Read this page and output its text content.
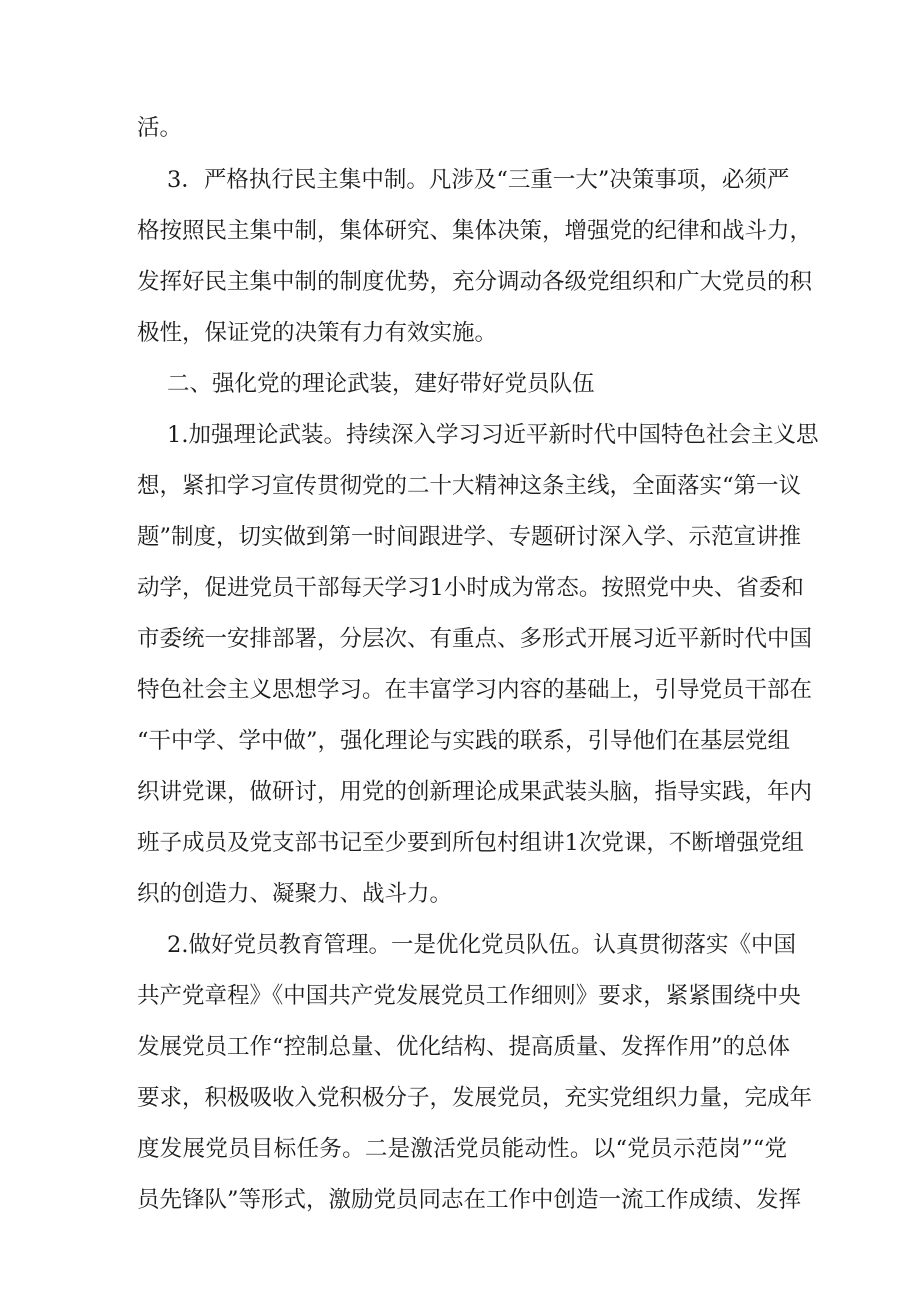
活。
3．严格执行民主集中制。凡涉及“三重一大”决策事项，必须严
格按照民主集中制，集体研究、集体决策，增强党的纪律和战斗力，
发挥好民主集中制的制度优势，充分调动各级党组织和广大党员的积
极性，保证党的决策有力有效实施。
二、强化党的理论武装，建好带好党员队伍
1.加强理论武装。持续深入学习习近平新时代中国特色社会主义思
想，紧扣学习宣传贯彻党的二十大精神这条主线，全面落实“第一议
题”制度，切实做到第一时间跟进学、专题研讨深入学、示范宣讲推
动学，促进党员干部每天学习1小时成为常态。按照党中央、省委和
市委统一安排部署，分层次、有重点、多形式开展习近平新时代中国
特色社会主义思想学习。在丰富学习内容的基础上，引导党员干部在
“干中学、学中做”，强化理论与实践的联系，引导他们在基层党组
织讲党课，做研讨，用党的创新理论成果武装头脑，指导实践，年内
班子成员及党支部书记至少要到所包村组讲1次党课，不断增强党组
织的创造力、凝聚力、战斗力。
2.做好党员教育管理。一是优化党员队伍。认真贯彻落实《中国
共产党章程》《中国共产党发展党员工作细则》要求，紧紧围绕中央
发展党员工作“控制总量、优化结构、提高质量、发挥作用”的总体
要求，积极吸收入党积极分子，发展党员，充实党组织力量，完成年
度发展党员目标任务。二是激活党员能动性。以“党员示范岗”“党
员先锋队”等形式，激励党员同志在工作中创造一流工作成绩、发挥
